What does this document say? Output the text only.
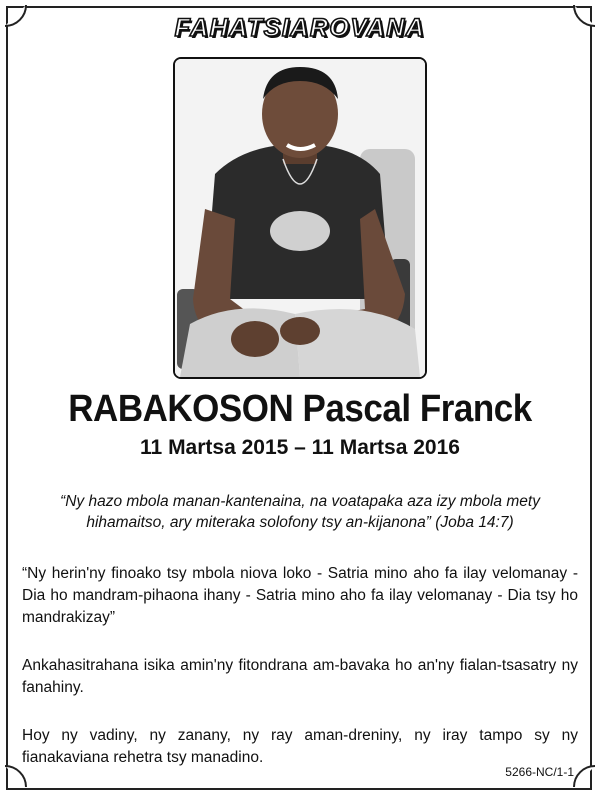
FAHATSIAROVANA
RABAKOSON Pascal Franck
11 Martsa 2015 – 11 Martsa 2016
“Ny hazo mbola manan-kantenaina, na voatapaka aza izy mbola mety hihamaitso, ary miteraka solofony tsy an-kijanona” (Joba 14:7)
“Ny herin'ny finoako tsy mbola niova loko - Satria mino aho fa ilay velomanay - Dia ho mandram-pihaona ihany - Satria mino aho fa ilay velomanay - Dia tsy ho mandrakizay”
Ankahasitrahana isika amin'ny fitondrana am-bavaka ho an'ny fialan-tsasatry ny fanahiny.
Hoy ny vadiny, ny zanany, ny ray aman-dreniny, ny iray tampo sy ny fianakaviana rehetra tsy manadino.
5266-NC/1-1
